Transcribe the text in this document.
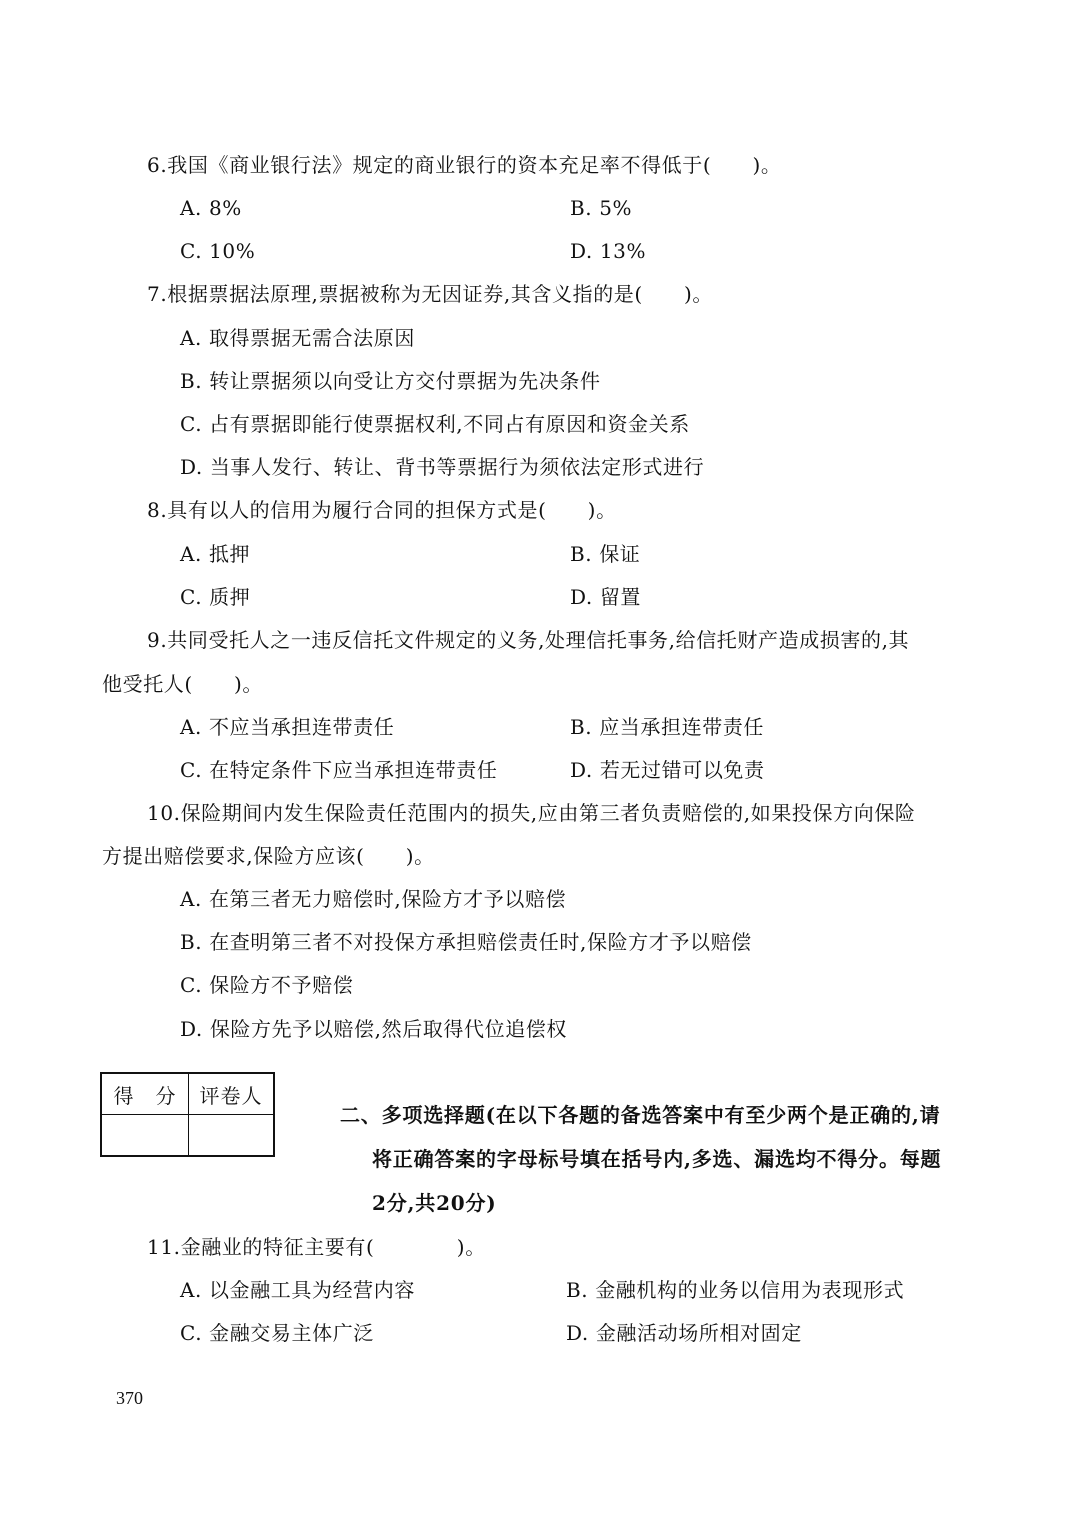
6.我国《商业银行法》规定的商业银行的资本充足率不得低于(　　)。
A. 8%	B. 5%
C. 10%	D. 13%
7.根据票据法原理,票据被称为无因证券,其含义指的是(　　)。
A. 取得票据无需合法原因
B. 转让票据须以向受让方交付票据为先决条件
C. 占有票据即能行使票据权利,不同占有原因和资金关系
D. 当事人发行、转让、背书等票据行为须依法定形式进行
8.具有以人的信用为履行合同的担保方式是(　　)。
A. 抵押	B. 保证
C. 质押	D. 留置
9.共同受托人之一违反信托文件规定的义务,处理信托事务,给信托财产造成损害的,其
他受托人(　　)。
A. 不应当承担连带责任	B. 应当承担连带责任
C. 在特定条件下应当承担连带责任	D. 若无过错可以免责
10.保险期间内发生保险责任范围内的损失,应由第三者负责赔偿的,如果投保方向保险
方提出赔偿要求,保险方应该(　　)。
A. 在第三者无力赔偿时,保险方才予以赔偿
B. 在查明第三者不对投保方承担赔偿责任时,保险方才予以赔偿
C. 保险方不予赔偿
D. 保险方先予以赔偿,然后取得代位追偿权
得　分	评卷人

二、多项选择题(在以下各题的备选答案中有至少两个是正确的,请
将正确答案的字母标号填在括号内,多选、漏选均不得分。每题
2分,共20分)
11.金融业的特征主要有(　　　　)。
A. 以金融工具为经营内容	B. 金融机构的业务以信用为表现形式
C. 金融交易主体广泛	D. 金融活动场所相对固定
370
